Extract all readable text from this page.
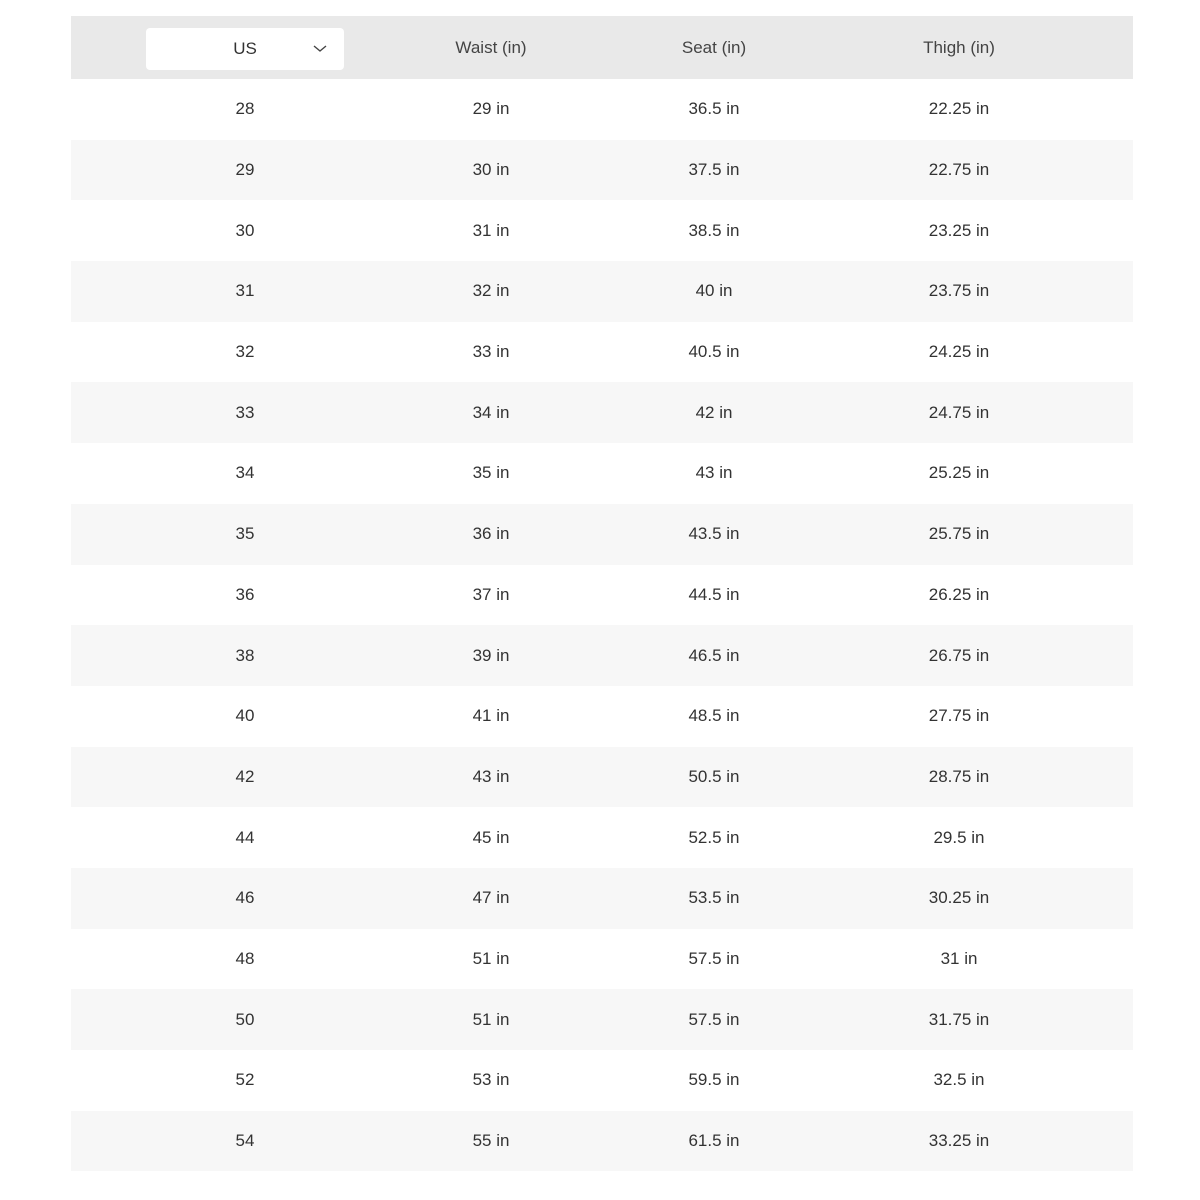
US	Waist (in)	Seat (in)	Thigh (in)
28	29 in	36.5 in	22.25 in
29	30 in	37.5 in	22.75 in
30	31 in	38.5 in	23.25 in
31	32 in	40 in	23.75 in
32	33 in	40.5 in	24.25 in
33	34 in	42 in	24.75 in
34	35 in	43 in	25.25 in
35	36 in	43.5 in	25.75 in
36	37 in	44.5 in	26.25 in
38	39 in	46.5 in	26.75 in
40	41 in	48.5 in	27.75 in
42	43 in	50.5 in	28.75 in
44	45 in	52.5 in	29.5 in
46	47 in	53.5 in	30.25 in
48	51 in	57.5 in	31 in
50	51 in	57.5 in	31.75 in
52	53 in	59.5 in	32.5 in
54	55 in	61.5 in	33.25 in
